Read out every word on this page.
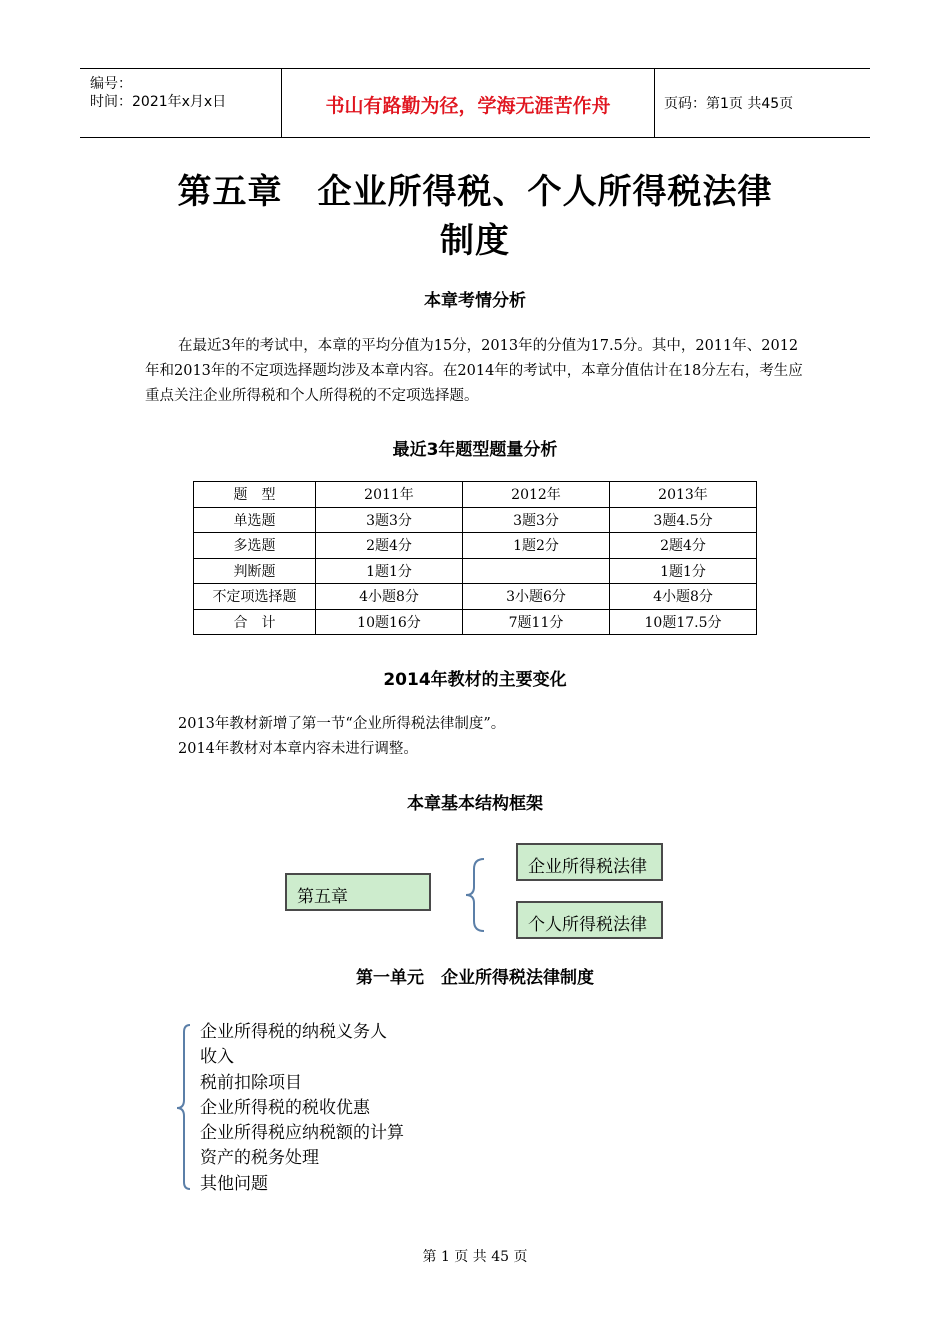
编号：
时间：2021年x月x日	书山有路勤为径，学海无涯苦作舟	页码：第1页 共45页
第五章　企业所得税、个人所得税法律
制度
本章考情分析

在最近3年的考试中，本章的平均分值为15分，2013年的分值为17.5分。其中，2011年、2012年和2013年的不定项选择题均涉及本章内容。在2014年的考试中，本章分值估计在18分左右，考生应重点关注企业所得税和个人所得税的不定项选择题。

最近3年题型题量分析
题　型	2011年	2012年	2013年
单选题	3题3分	3题3分	3题4.5分
多选题	2题4分	1题2分	2题4分
判断题	1题1分		1题1分
不定项选择题	4小题8分	3小题6分	4小题8分
合　计	10题16分	7题11分	10题17.5分
2014年教材的主要变化
2013年教材新增了第一节“企业所得税法律制度”。
2014年教材对本章内容未进行调整。
本章基本结构框架
第五章
企业所得税法律
个人所得税法律
第一单元　企业所得税法律制度
企业所得税的纳税义务人
收入
税前扣除项目
企业所得税的税收优惠
企业所得税应纳税额的计算
资产的税务处理
其他问题
第 1 页 共 45 页
